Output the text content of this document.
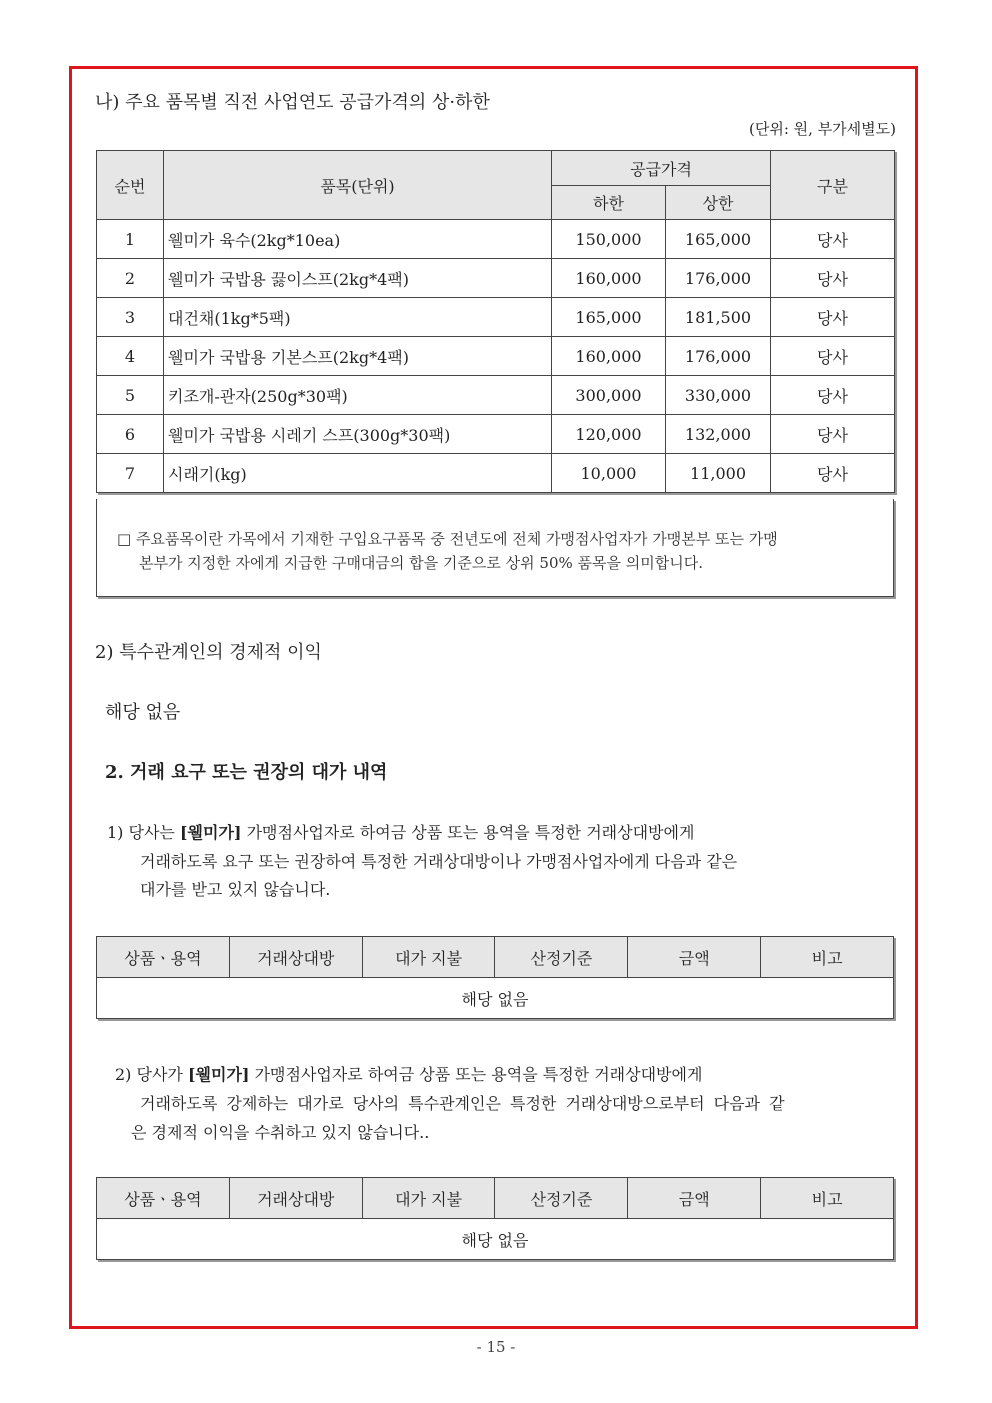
나) 주요 품목별 직전 사업연도 공급가격의 상·하한
(단위: 원, 부가세별도)
순번	품목(단위)	공급가격		구분
		하한	상한	
1	웰미가 육수(2kg*10ea)	150,000	165,000	당사
2	웰미가 국밥용 끓이스프(2kg*4팩)	160,000	176,000	당사
3	대건채(1kg*5팩)	165,000	181,500	당사
4	웰미가 국밥용 기본스프(2kg*4팩)	160,000	176,000	당사
5	키조개-관자(250g*30팩)	300,000	330,000	당사
6	웰미가 국밥용 시레기 스프(300g*30팩)	120,000	132,000	당사
7	시래기(kg)	10,000	11,000	당사
□ 주요품목이란 가목에서 기재한 구입요구품목 중 전년도에 전체 가맹점사업자가 가맹본부 또는 가맹
본부가 지정한 자에게 지급한 구매대금의 합을 기준으로 상위 50% 품목을 의미합니다.
2) 특수관계인의 경제적 이익
해당 없음
2. 거래 요구 또는 권장의 대가 내역
1) 당사는 [웰미가] 가맹점사업자로 하여금 상품 또는 용역을 특정한 거래상대방에게
거래하도록 요구 또는 권장하여 특정한 거래상대방이나 가맹점사업자에게 다음과 같은
대가를 받고 있지 않습니다.
상품ㆍ용역	거래상대방	대가 지불	산정기준	금액	비고
해당 없음
2) 당사가 [웰미가] 가맹점사업자로 하여금 상품 또는 용역을 특정한 거래상대방에게
거래하도록 강제하는 대가로 당사의 특수관계인은 특정한 거래상대방으로부터 다음과 같
은 경제적 이익을 수취하고 있지 않습니다..
상품ㆍ용역	거래상대방	대가 지불	산정기준	금액	비고
해당 없음
- 15 -
